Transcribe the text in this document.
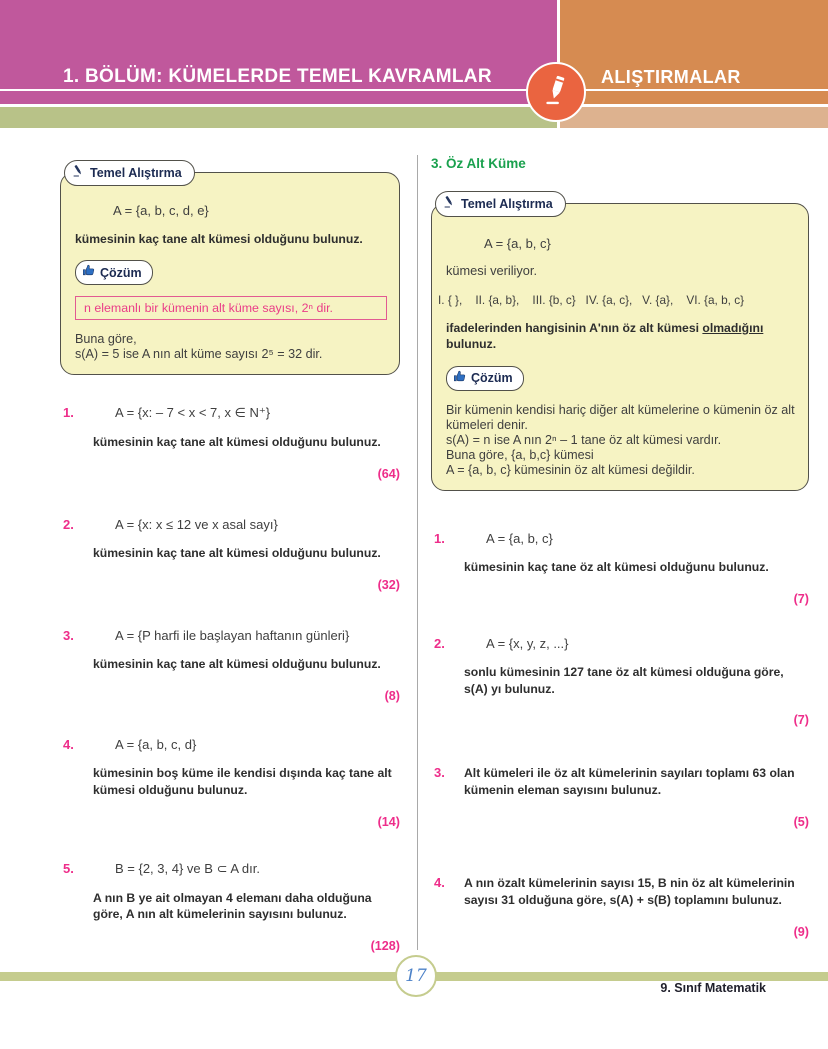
1. BÖLÜM: KÜMELERDE TEMEL KAVRAMLAR	ALIŞTIRMALAR
Temel Alıştırma
A = {a, b, c, d, e}
kümesinin kaç tane alt kümesi olduğunu bulunuz.
Çözüm
n elemanlı bir kümenin alt küme sayısı, 2ⁿ dir.
Buna göre,
s(A) = 5 ise A nın alt küme sayısı 2⁵ = 32 dir.
1.	A = {x: – 7 < x < 7, x ∈ N⁺}
kümesinin kaç tane alt kümesi olduğunu bulunuz.
(64)
2.	A = {x: x ≤ 12 ve x asal sayı}
kümesinin kaç tane alt kümesi olduğunu bulunuz.
(32)
3.	A = {P harfi ile başlayan haftanın günleri}
kümesinin kaç tane alt kümesi olduğunu bulunuz.
(8)
4.	A = {a, b, c, d}
kümesinin boş küme ile kendisi dışında kaç tane alt kümesi olduğunu bulunuz.
(14)
5.	B = {2, 3, 4} ve B ⊂ A dır.
A nın B ye ait olmayan 4 elemanı daha olduğuna göre, A nın alt kümelerinin sayısını bulunuz.
(128)
3. Öz Alt Küme
Temel Alıştırma
A = {a, b, c}
kümesi veriliyor.
I. { },    II. {a, b},    III. {b, c}   IV. {a, c},   V. {a},    VI. {a, b, c}
ifadelerinden hangisinin A'nın öz alt kümesi olmadığını bulunuz.
Çözüm
Bir kümenin kendisi hariç diğer alt kümelerine o kümenin öz alt kümeleri denir.
s(A) = n ise A nın 2ⁿ – 1 tane öz alt kümesi vardır.
Buna göre, {a, b,c} kümesi
A = {a, b, c} kümesinin öz alt kümesi değildir.
1.	A = {a, b, c}
kümesinin kaç tane öz alt kümesi olduğunu bulunuz.
(7)
2.	A = {x, y, z, ...}
sonlu kümesinin 127 tane öz alt kümesi olduğuna göre, s(A) yı bulunuz.
(7)
3. Alt kümeleri ile öz alt kümelerinin sayıları toplamı 63 olan kümenin eleman sayısını bulunuz.
(5)
4. A nın özalt kümelerinin sayısı 15, B nin öz alt kümelerinin sayısı 31 olduğuna göre, s(A) + s(B) toplamını bulunuz.
(9)
17
9. Sınıf Matematik
